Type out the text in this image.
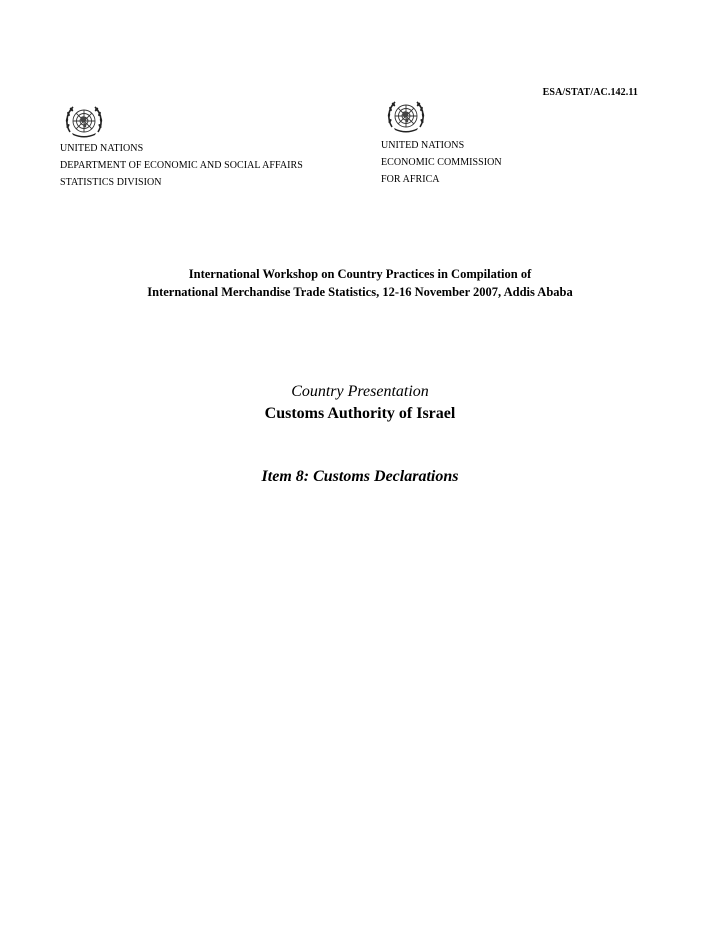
ESA/STAT/AC.142.11
UNITED NATIONS
DEPARTMENT OF ECONOMIC AND SOCIAL AFFAIRS
STATISTICS DIVISION
UNITED NATIONS
ECONOMIC COMMISSION
FOR AFRICA
International Workshop on Country Practices in Compilation of
International Merchandise Trade Statistics, 12-16 November 2007, Addis Ababa
Country Presentation
Customs Authority of Israel
Item 8: Customs Declarations
